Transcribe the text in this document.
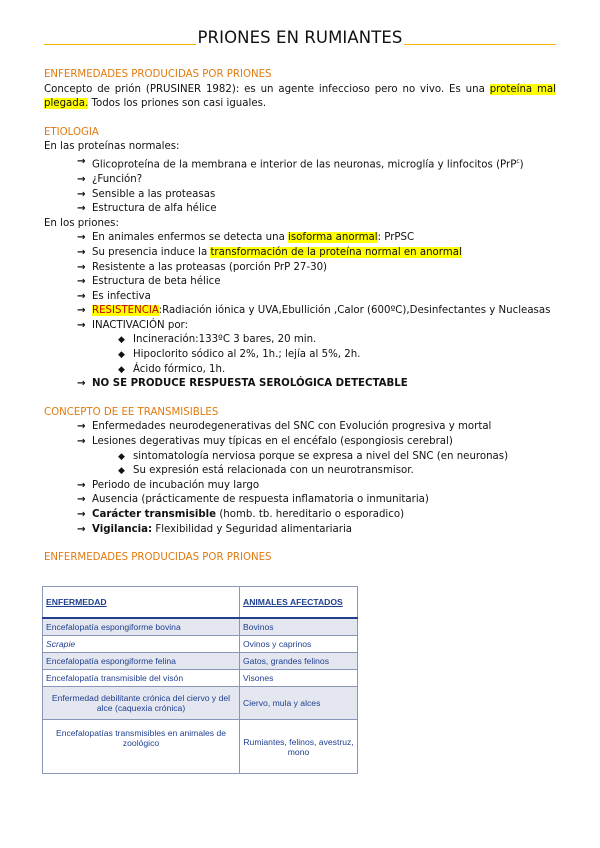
PRIONES EN RUMIANTES
ENFERMEDADES PRODUCIDAS POR PRIONES
Concepto de prión (PRUSINER 1982): es un agente infeccioso pero no vivo. Es una proteína mal plegada. Todos los priones son casi iguales.
ETIOLOGIA
En las proteínas normales:
→ Glicoproteína de la membrana e interior de las neuronas, microglía y linfocitos (PrP$^c$)
→ ¿Función?
→ Sensible a las proteasas
→ Estructura de alfa hélice
En los priones:
→ En animales enfermos se detecta una isoforma anormal: PrPSC
→ Su presencia induce la transformación de la proteína normal en anormal
→ Resistente a las proteasas (porción PrP 27-30)
→ Estructura de beta hélice
→ Es infectiva
→ RESISTENCIA:Radiación iónica y UVA,Ebullición ,Calor (600ºC),Desinfectantes y Nucleasas
→ INACTIVACIÓN por:
◆ Incineración:133ºC 3 bares, 20 min.
◆ Hipoclorito sódico al 2%, 1h.; lejía al 5%, 2h.
◆ Ácido fórmico, 1h.
→ NO SE PRODUCE RESPUESTA SEROLÓGICA DETECTABLE
CONCEPTO DE EE TRANSMISIBLES
→ Enfermedades neurodegenerativas del SNC con Evolución progresiva y mortal
→ Lesiones degerativas muy típicas en el encéfalo (espongiosis cerebral)
◆ sintomatología nerviosa porque se expresa a nivel del SNC (en neuronas)
◆ Su expresión está relacionada con un neurotransmisor.
→ Periodo de incubación muy largo
→ Ausencia (prácticamente de respuesta inflamatoria o inmunitaria)
→ Carácter transmisible (homb. tb. hereditario o esporadico)
→ Vigilancia: Flexibilidad y Seguridad alimentariaria
ENFERMEDADES PRODUCIDAS POR PRIONES
ENFERMEDAD	ANIMALES AFECTADOS
Encefalopatía espongiforme bovina	Bovinos
Scrapie	Ovinos y caprinos
Encefalopatía espongiforme felina	Gatos, grandes felinos
Encefalopatía transmisible del visón	Visones
Enfermedad debilitante crónica del ciervo y del alce (caquexia crónica)	Ciervo, mula y alces
Encefalopatías transmisibles en animales de zoológico	Rumiantes, felinos, avestruz, mono
